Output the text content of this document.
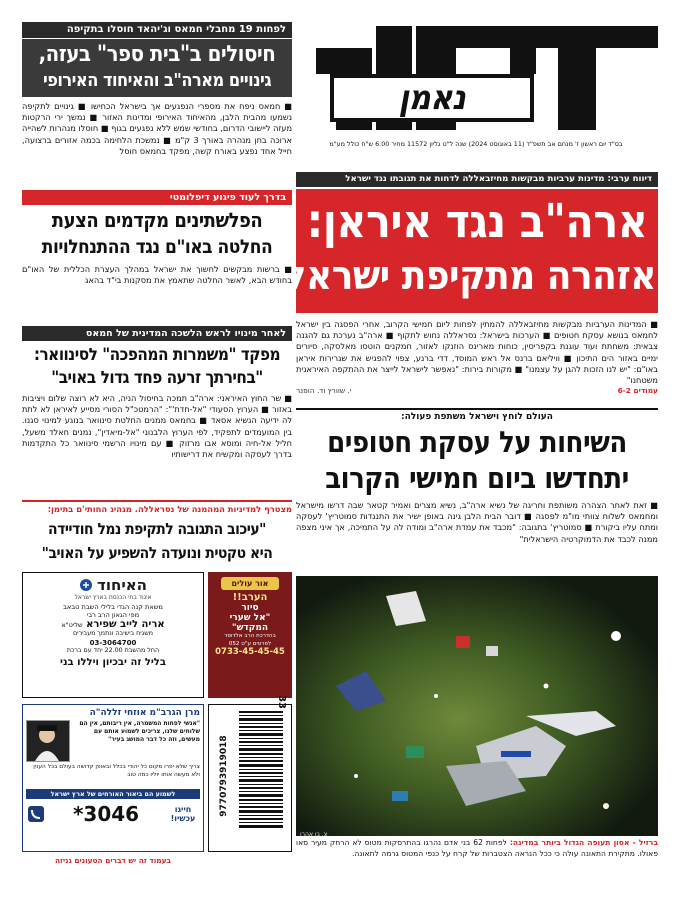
נאמן
בס"ד יום ראשון ז' מנחם אב תשפ"ד (11 באוגוסט 2024) שנה ל"ט גליון 11572 מחיר 6.00 ש"ח כולל מע"מ
לפחות 19 מחבלי חמאס וג'יהאד חוסלו בתקיפה
חיסולים ב"בית ספר" בעזה,
גינויים מארה"ב והאיחוד האירופי
■ חמאס ניפח את מספרי הנפגעים אך בישראל הכחישו ■ גינויים לתקיפה נשמעו מהבית הלבן, מהאיחוד האירופי ומדינות האזור ■ נמשך ירי הרקטות מעזה ליישובי הדרום, בחודשי שמש ללא נפגעים בגוף ■ חוסלו מנהרות לשהייה ארוכה בחן מנהרה באורך 3 ק"מ ■ נמשכת הלחימה בכמה אזורים ברצועה, חייל אחד נפצע באורח קשה, מפקד בחמאס חוסל
דיווח ערבי: מדינות ערביות מבקשות מחיזבאללה לדחות את תגובתו נגד ישראל
ארה"ב נגד איראן:
אזהרה מתקיפת ישראל
■ המדינות הערביות מבקשות מחיזבאללה להמתין לפחות ליום חמישי הקרוב, אחרי הפסגה בין ישראל לחמאס בנושא עסקת חטופים ■ הערכות בישראל: נסראללה נחוש לתקוף ■ ארה"ב נערכת גם להגנה צבאית: משחתת ועוד עוגנת בקפריסין, כוחות מארינס הוזנקו לאזור, חמקנים הוטסו מאלסקה, סיורים ימיים באזור הים התיכון ■ וויליאם ברנס אל ראש המוסד, דדי ברנע, צפוי להפגיש את שגרירות איראן באו"ם: "יש לנו הזכות להגן על עצמנו" ■ מקורות בירות: "נאפשר לישראל לייצר את ההתקפה האיראנית משטחנו"
עמודים 6-2
י. שוורץ וד. הופנר
בדרך לעוד פיגוע דיפלומטי
הפלשתינים מקדמים הצעת
החלטה באו"ם נגד ההתנחלויות
■ ברשות מבקשים לחשוך את ישראל במהלך העצרת הכללית של האו"ם בחודש הבא, לאשר החלטה שתאמץ את מסקנות בי"ד בהאג
לאחר מינויו לראש הלשכה המדינית של חמאס
מפקד "משמרות המהפכה" לסינוואר:
"בחירתך זרעה פחד גדול באויב"
■ שר החוץ האיראני: ארה"ב תמכה בחיסול הניה, היא לא רוצה שלום ויציבות באזור ■ הערוץ הסעודי "אל-חדת'": "הרמטכ"ל הסורי מסייע לאיראן לא לתת לה ידיעה הנשיא אסאד ■ בחמאס ממנים החלטת סינוואר בנוגע למינוי סגנו. בין המועמדים לתפקיד, לפי הערוץ הלבנוני "אל-מיאדין", נמנים חאלד משעל, חליל אל-חיה ומוסא אבו מרזוק ■ עם מינויו הרשמי סינוואר כל התקדמות בדרך לעסקה ומקשיח את דרישותיו
מצטרף למדיניות המהמנה של נסראללה. מגהיג החותי'ם בתימן:
"עיכוב התגובה לתקיפת נמל חודיידה
היא טקטית ונועדה להשפיע על האויב"
העולם לוחץ וישראל משתפת פעולה:
השיחות על עסקת חטופים
יתחדשו ביום חמישי הקרוב
■ זאת לאחר הצהרה משותפת וחריגה של נשיא ארה"ב, נשיא מצרים ואמיר קטאר שבה דרשו מישראל ומחמאס לשלוח צוותי מו"מ לפסגה ■ דובר הבית הלבן גינה באופן ישיר את התנגדות סמוטריץ' לעסקה ומתח עליו ביקורת ■ סמוטריץ' בתגובה: "מכבד את עמדת ארה"ב ומודה לה על התמיכה, אך איני מצפה ממנה לכבד את הדמוקרטיה הישראלית"
צ. בן אהרן
ברזיל - אסון תעופה הגדול ביותר במדינה: לפחות 62 בני אדם נהרגו בהתרסקות מטוס לא הרחק מעיר סאו פאולו. מתקירת התאונה עולה כי ככל הנראה הצטברות של קרח על כנפי המטוס גרמה לתאונה.
האיחוד
איגוד בתי הכנסת בארץ ישראל
משאת קנה הגדי בלילי השבת טבאב
מפי הגאון הרב רבי
אריה לייב שפירא שליט"א
משגיח בישיבה ונתמך מעבירים
03-3064700
החל מהשבת 22.00 יחד עם ברכת
בליל זה יבכיון ויללו בני
אור עולים
הערב!!
סיור
"אל שערי
המקדש"
בהדרכת הרב אלדוסר
לפרטים ע"ט 052
0733-45-45-45
מרן הגרב"מ אוזחי זללה"ה
"אנשי לפחות המשמרה, אין ריבותם, אין הם שלוחים שלנו, צריכים לשמוע אותם עם מעשים, וזה כל דבר המושג בעיר"
צריך שלא יפרו מקום כל יהודי בכלל ובאופן קדושה בעולם בכל הענין ולא מעשה אותו יוליו כמה טוב
לשמוע הם ביאור האורחים של ארץ ישראל
חייגו עכשיו!
*3046
בעמוד זה יש דברים הטעונים גניזה
33
9770793919018
